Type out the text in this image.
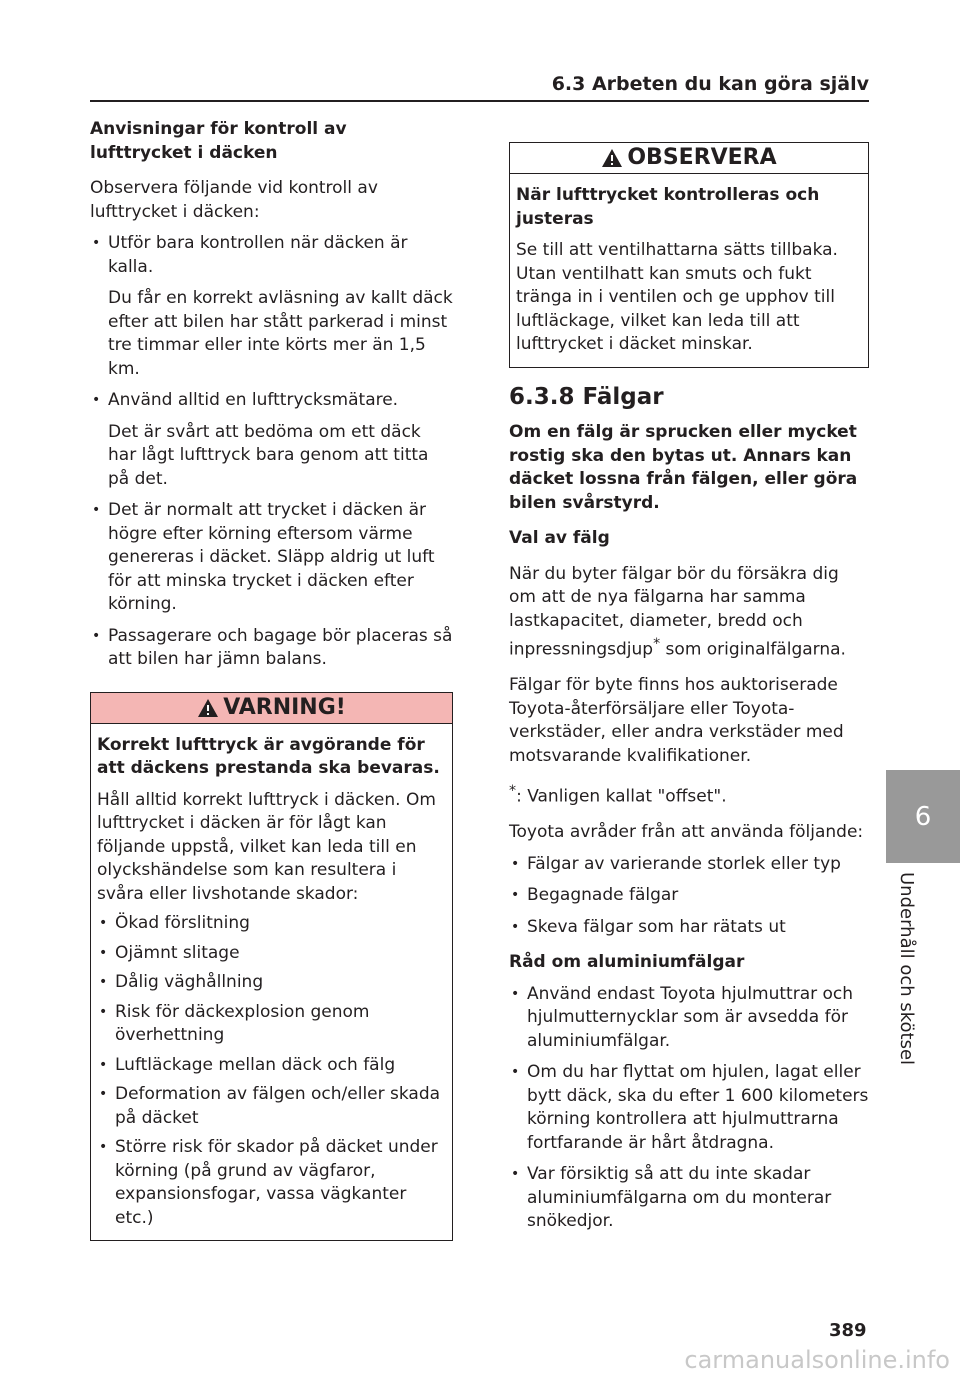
6.3 Arbeten du kan göra själv

Anvisningar för kontroll av lufttrycket i däcken

Observera följande vid kontroll av lufttrycket i däcken:

• Utför bara kontrollen när däcken är kalla.

Du får en korrekt avläsning av kallt däck efter att bilen har stått parkerad i minst tre timmar eller inte körts mer än 1,5 km.

• Använd alltid en lufttrycksmätare.

Det är svårt att bedöma om ett däck har lågt lufttryck bara genom att titta på det.

• Det är normalt att trycket i däcken är högre efter körning eftersom värme genereras i däcket. Släpp aldrig ut luft för att minska trycket i däcken efter körning.

• Passagerare och bagage bör placeras så att bilen har jämn balans.

VARNING!

Korrekt lufttryck är avgörande för att däckens prestanda ska bevaras.

Håll alltid korrekt lufttryck i däcken. Om lufttrycket i däcken är för lågt kan följande uppstå, vilket kan leda till en olyckshändelse som kan resultera i svåra eller livshotande skador:

• Ökad förslitning
• Ojämnt slitage
• Dålig väghållning
• Risk för däckexplosion genom överhettning
• Luftläckage mellan däck och fälg
• Deformation av fälgen och/eller skada på däcket
• Större risk för skador på däcket under körning (på grund av vägfaror, expansionsfogar, vassa vägkanter etc.)
OBSERVERA

När lufttrycket kontrolleras och justeras

Se till att ventilhattarna sätts tillbaka. Utan ventilhatt kan smuts och fukt tränga in i ventilen och ge upphov till luftläckage, vilket kan leda till att lufttrycket i däcket minskar.

6.3.8 Fälgar

Om en fälg är sprucken eller mycket rostig ska den bytas ut. Annars kan däcket lossna från fälgen, eller göra bilen svårstyrd.

Val av fälg

När du byter fälgar bör du försäkra dig om att de nya fälgarna har samma lastkapacitet, diameter, bredd och inpressningsdjup* som originalfälgarna.

Fälgar för byte finns hos auktoriserade Toyota-återförsäljare eller Toyota-verkstäder, eller andra verkstäder med motsvarande kvalifikationer.

*: Vanligen kallat "offset".

Toyota avråder från att använda följande:

• Fälgar av varierande storlek eller typ
• Begagnade fälgar
• Skeva fälgar som har rätats ut

Råd om aluminiumfälgar

• Använd endast Toyota hjulmuttrar och hjulmutternycklar som är avsedda för aluminiumfälgar.
• Om du har flyttat om hjulen, lagat eller bytt däck, ska du efter 1 600 kilometers körning kontrollera att hjulmuttrarna fortfarande är hårt åtdragna.
• Var försiktig så att du inte skadar aluminiumfälgarna om du monterar snökedjor.
6
Underhåll och skötsel
389
carmanualsonline.info
